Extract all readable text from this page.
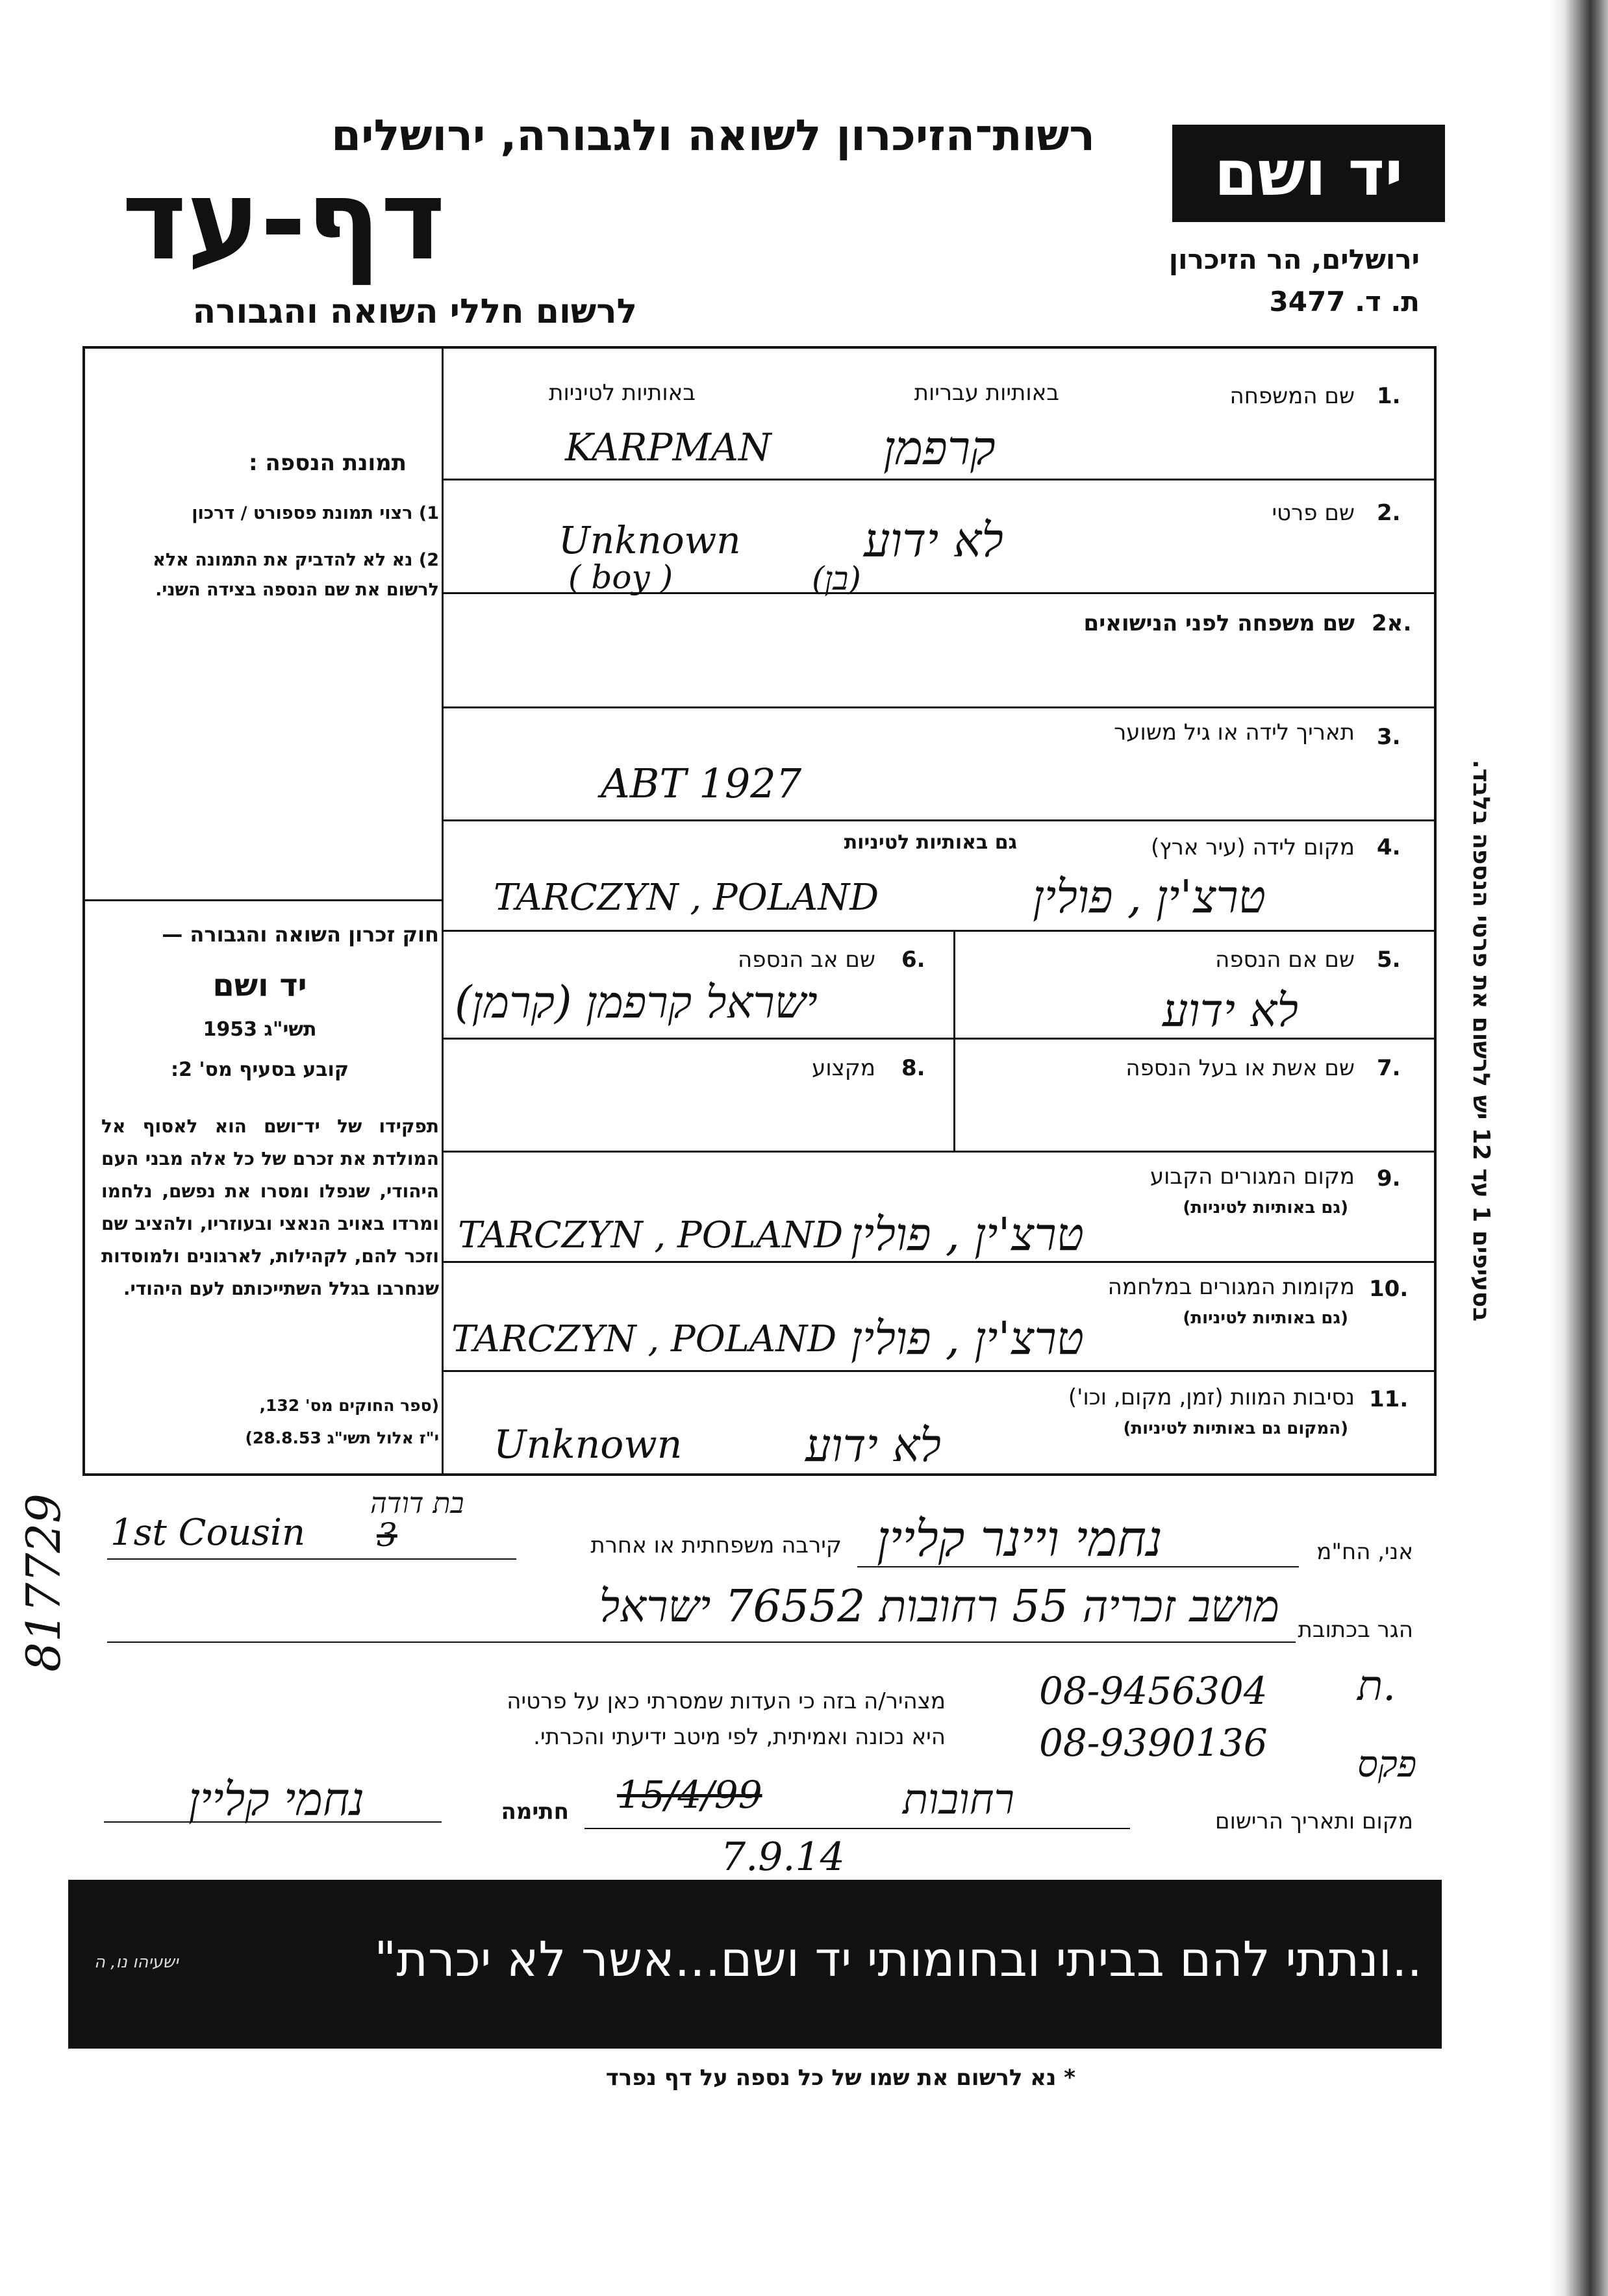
רשות־הזיכרון לשואה ולגבורה, ירושלים
דף-עד
לרשום חללי השואה והגבורה
יד ושם
ירושלים, הר הזיכרון
ת. ד. 3477
תמונת הנספה :
1) רצוי תמונת פספורט / דרכון
2) נא לא להדביק את התמונה אלא לרשום את שם הנספה בצידה השני.
חוק זכרון השואה והגבורה —
יד ושם
תשי"ג 1953
קובע בסעיף מס' 2:
תפקידו של יד־ושם הוא לאסוף אל המולדת את זכרם של כל אלה מבני העם היהודי, שנפלו ומסרו את נפשם, נלחמו ומרדו באויב הנאצי ובעוזריו, ולהציב שם וזכר להם, לקהילות, לארגונים ולמוסדות שנחרבו בגלל השתייכותם לעם היהודי.
(ספר החוקים מס' 132,
י"ז אלול תשי"ג 28.8.53)
באותיות עבריות
באותיות לטיניות	1.
שם המשפחה
קרפמן
KARPMAN
2.
שם פרטי
לא ידוע
(בן)
Unknown
( boy )
2א.
שם משפחה לפני הנישואים
3.
תאריך לידה או גיל משוער
ABT 1927
4.
מקום לידה (עיר ארץ)
גם באותיות לטיניות
טרצ'ין , פולין
TARCZYN , POLAND
5.
שם אם הנספה
לא ידוע
6.
שם אב הנספה
ישראל קרפמן (קרמן)
7.
שם אשת או בעל הנספה
8.
מקצוע
9.
מקום המגורים הקבוע
(גם באותיות לטיניות)
טרצ'ין , פולין
TARCZYN , POLAND
10.
מקומות המגורים במלחמה
(גם באותיות לטיניות)
טרצ'ין , פולין
TARCZYN , POLAND
11.
נסיבות המוות (זמן, מקום, וכו')
(המקום גם באותיות לטיניות)
לא ידוע
Unknown
בסעיפים 1 עד 12 יש לרשום את פרטי הנספה בלבד.
817729	אני, הח"מ
נחמי ויינר קליין
קירבה משפחתית או אחרת
1st Cousin
בת דודה
3
הגר בכתובת
מושב זכריה 55 רחובות 76552 ישראל
ת.
08-9456304
פקס
08-9390136
מצהיר/ה בזה כי העדות שמסרתי כאן על פרטיה
היא נכונה ואמיתית, לפי מיטב ידיעתי והכרתי.
מקום ותאריך הרישום
רחובות
15/4/99
7.9.14
חתימה
נחמי קליין
..ונתתי להם בביתי ובחומותי יד ושם...אשר לא יכרת"
ישעיהו נו, ה
* נא לרשום את שמו של כל נספה על דף נפרד
